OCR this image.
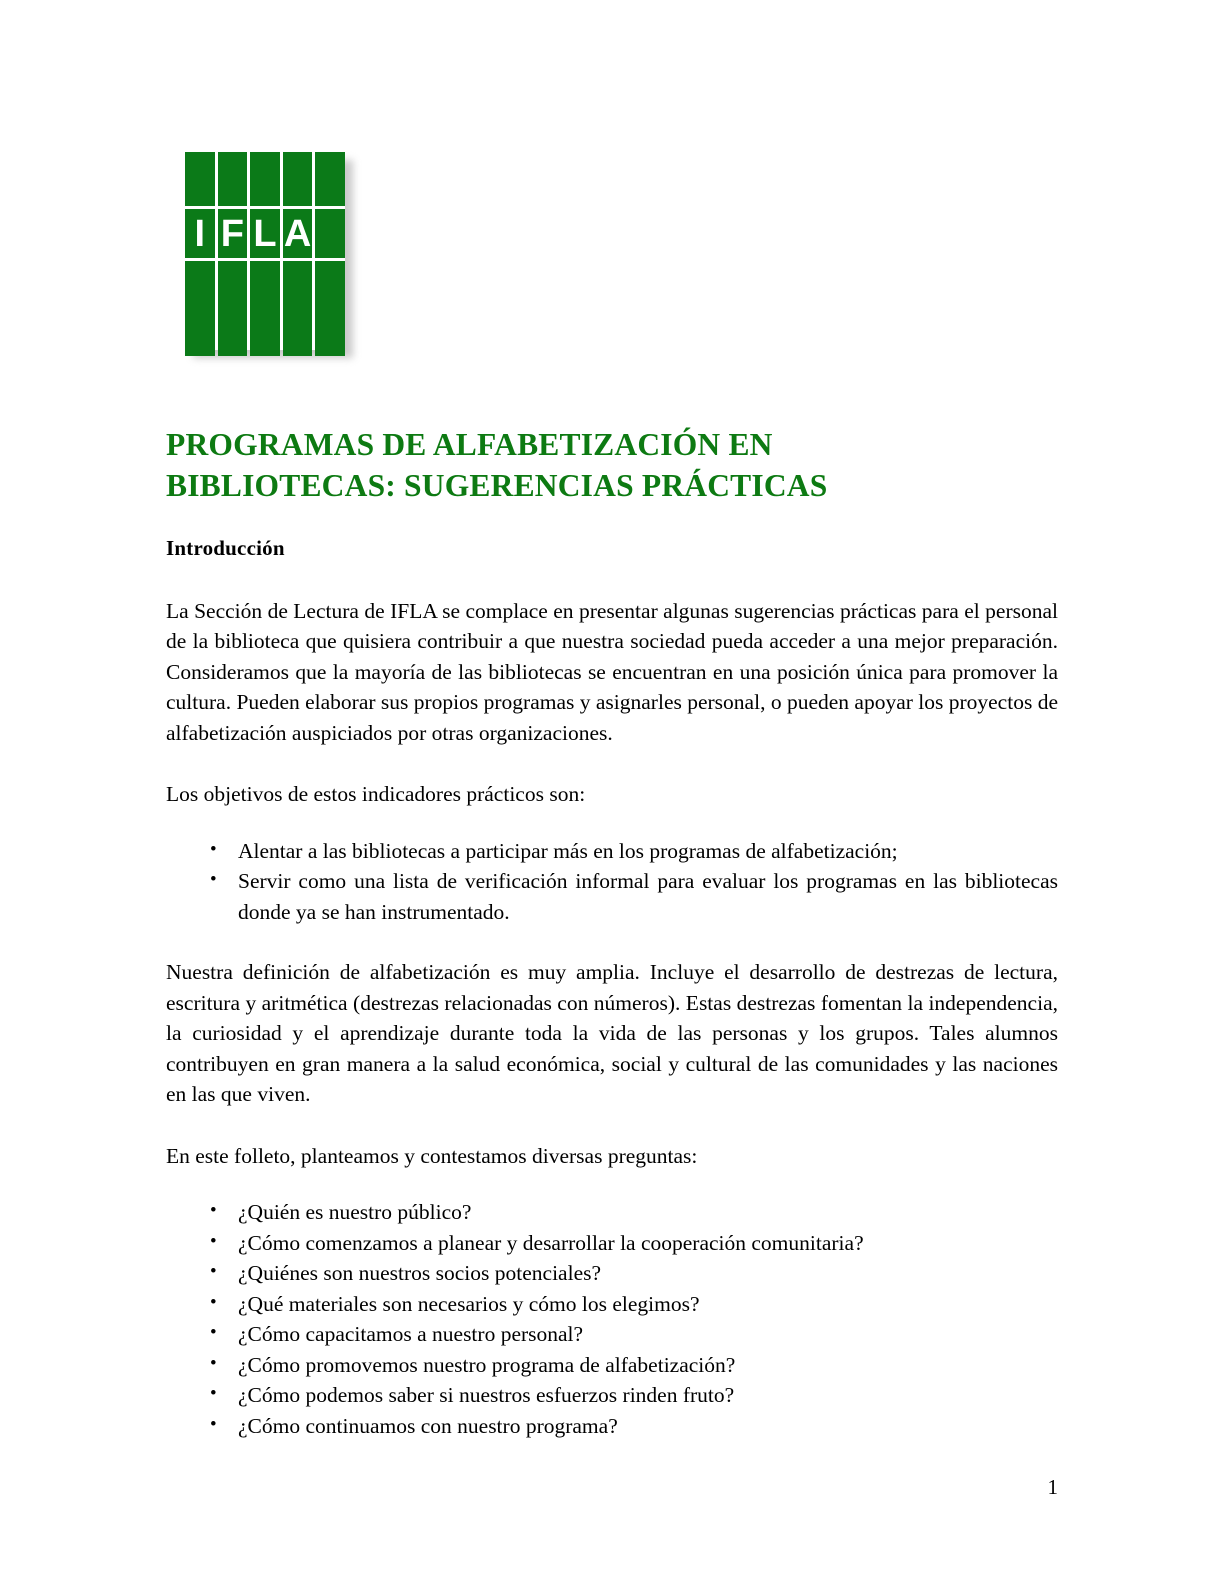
I F L A
PROGRAMAS DE ALFABETIZACIÓN EN
BIBLIOTECAS: SUGERENCIAS PRÁCTICAS
Introducción

La Sección de Lectura de IFLA se complace en presentar algunas sugerencias prácticas para el personal de la biblioteca que quisiera contribuir a que nuestra sociedad pueda acceder a una mejor preparación. Consideramos que la mayoría de las bibliotecas se encuentran en una posición única para promover la cultura. Pueden elaborar sus propios programas y asignarles personal, o pueden apoyar los proyectos de alfabetización auspiciados por otras organizaciones.

Los objetivos de estos indicadores prácticos son:

• Alentar a las bibliotecas a participar más en los programas de alfabetización;
• Servir como una lista de verificación informal para evaluar los programas en las bibliotecas donde ya se han instrumentado.

Nuestra definición de alfabetización es muy amplia. Incluye el desarrollo de destrezas de lectura, escritura y aritmética (destrezas relacionadas con números). Estas destrezas fomentan la independencia, la curiosidad y el aprendizaje durante toda la vida de las personas y los grupos. Tales alumnos contribuyen en gran manera a la salud económica, social y cultural de las comunidades y las naciones en las que viven.

En este folleto, planteamos y contestamos diversas preguntas:

• ¿Quién es nuestro público?
• ¿Cómo comenzamos a planear y desarrollar la cooperación comunitaria?
• ¿Quiénes son nuestros socios potenciales?
• ¿Qué materiales son necesarios y cómo los elegimos?
• ¿Cómo capacitamos a nuestro personal?
• ¿Cómo promovemos nuestro programa de alfabetización?
• ¿Cómo podemos saber si nuestros esfuerzos rinden fruto?
• ¿Cómo continuamos con nuestro programa?
1
